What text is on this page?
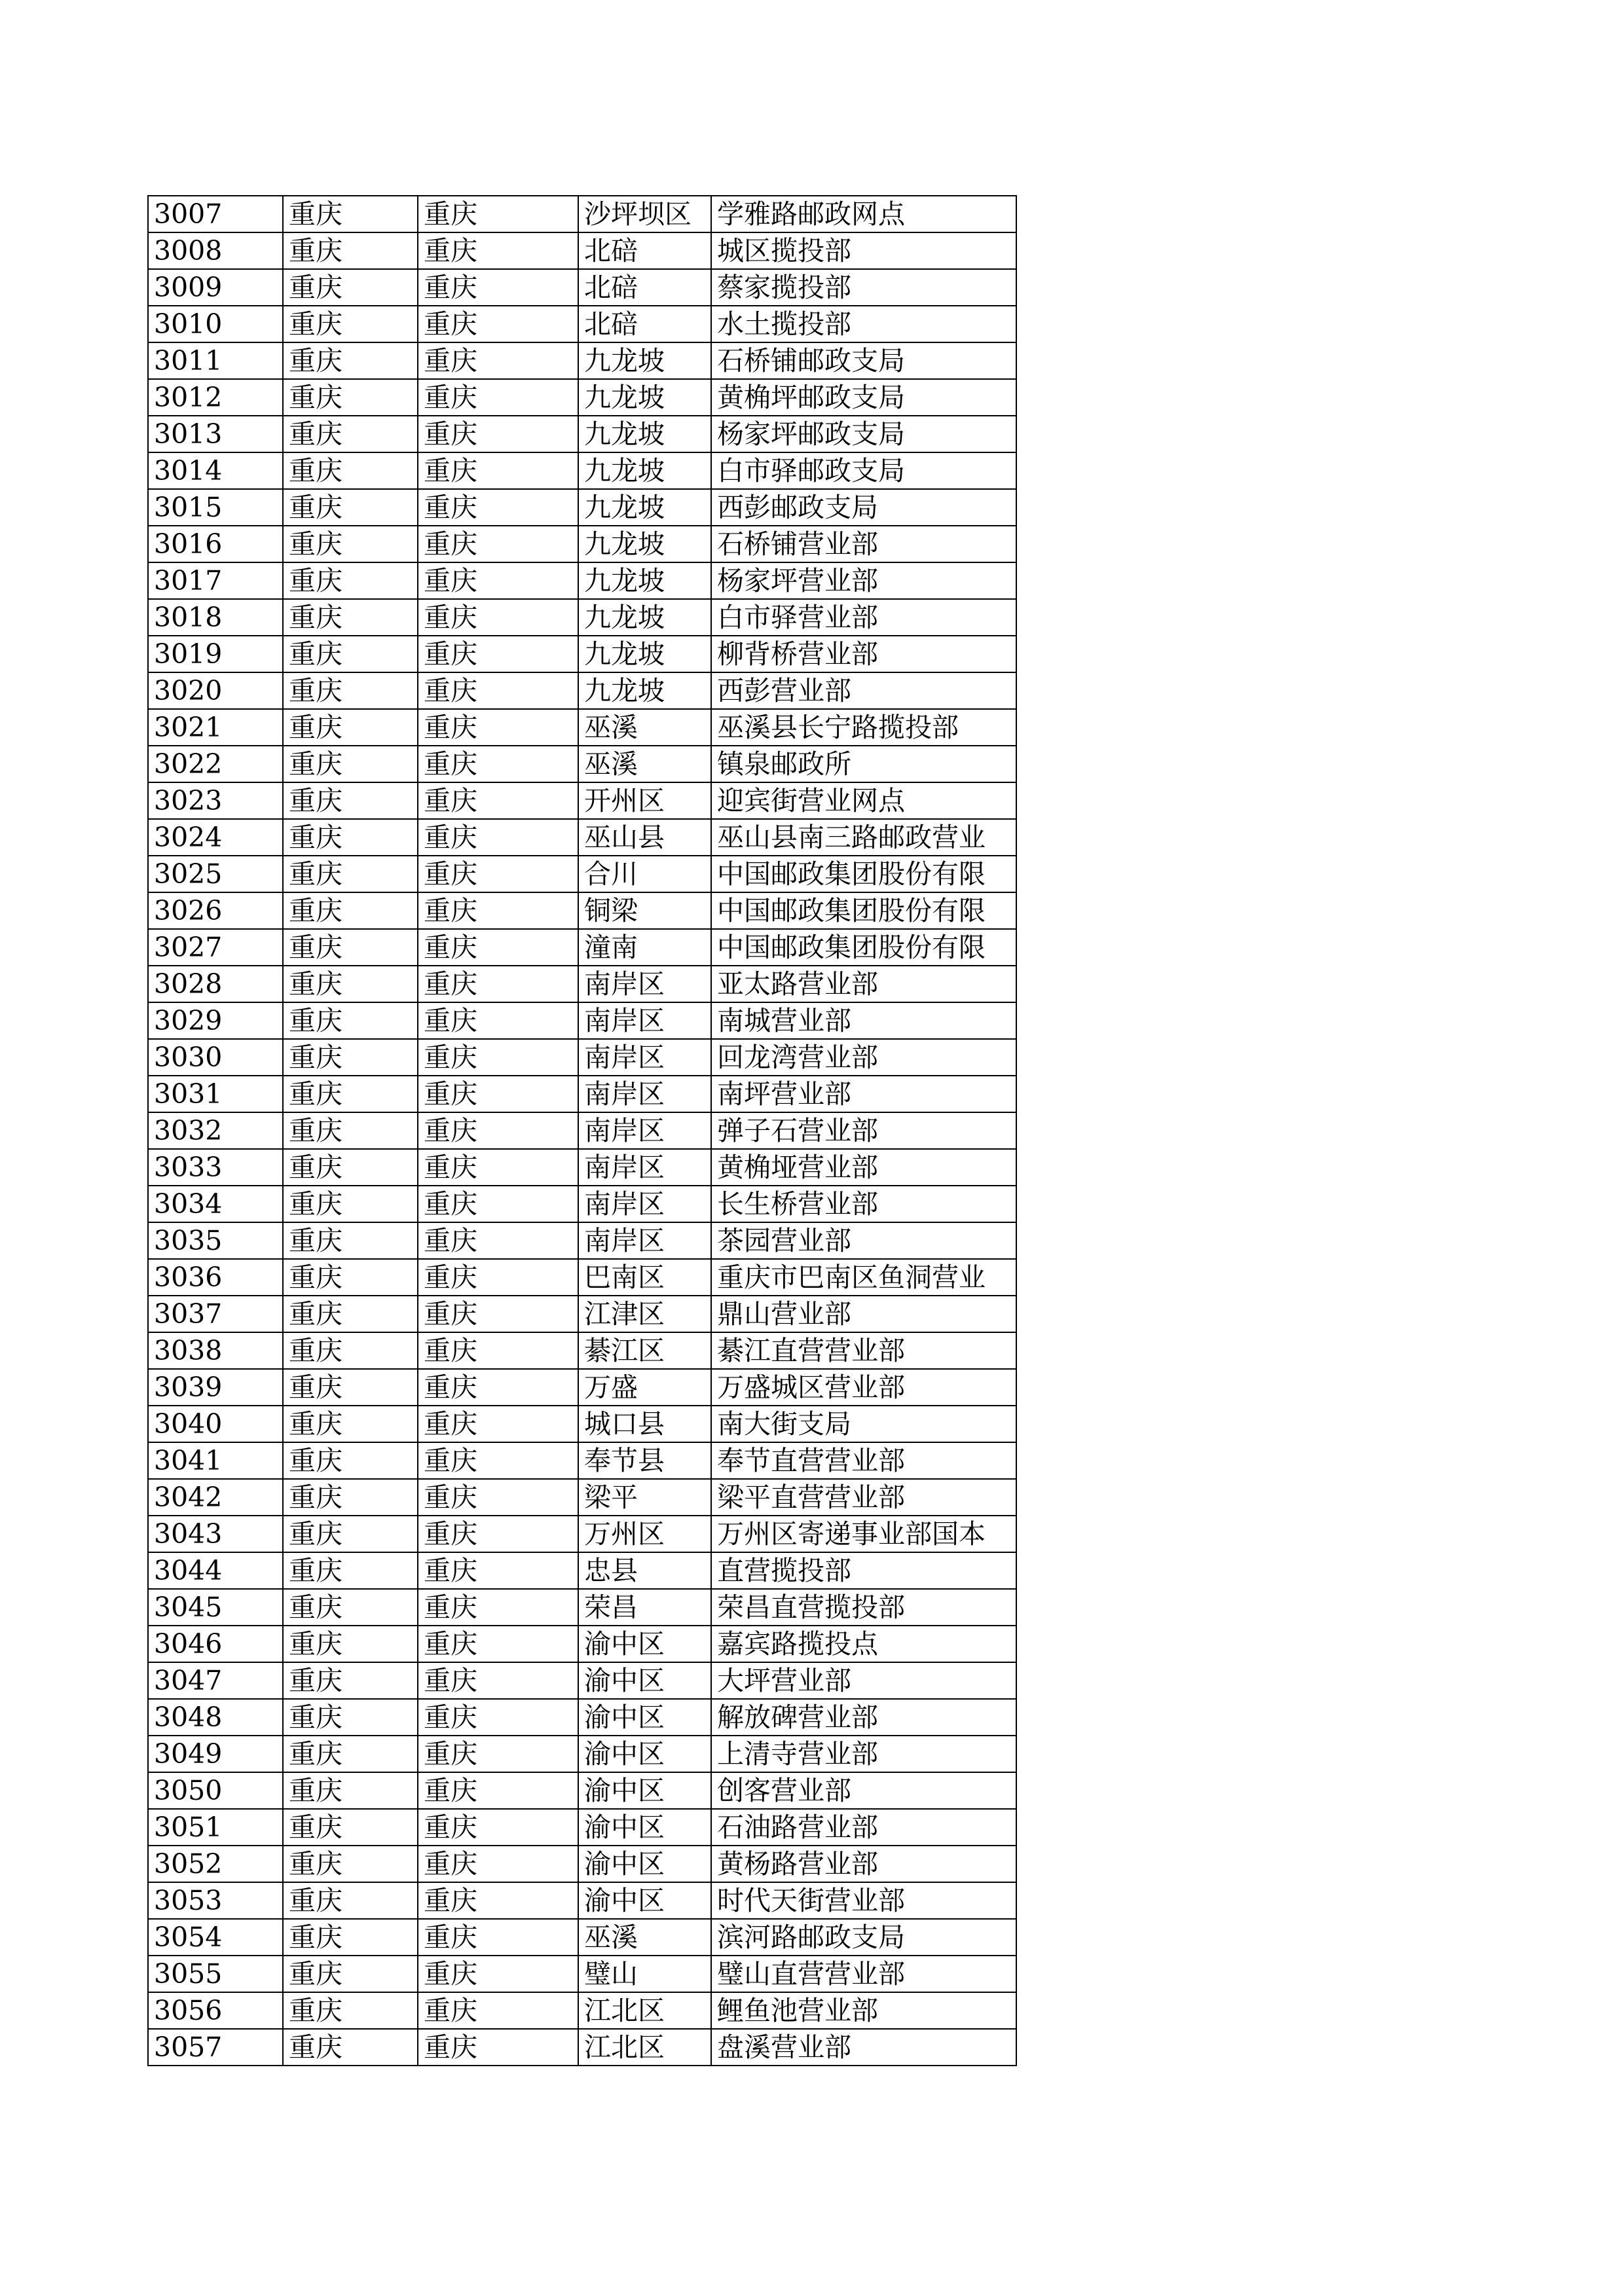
3007	重庆	重庆	沙坪坝区	学雅路邮政网点
3008	重庆	重庆	北碚	城区揽投部
3009	重庆	重庆	北碚	蔡家揽投部
3010	重庆	重庆	北碚	水土揽投部
3011	重庆	重庆	九龙坡	石桥铺邮政支局
3012	重庆	重庆	九龙坡	黄桷坪邮政支局
3013	重庆	重庆	九龙坡	杨家坪邮政支局
3014	重庆	重庆	九龙坡	白市驿邮政支局
3015	重庆	重庆	九龙坡	西彭邮政支局
3016	重庆	重庆	九龙坡	石桥铺营业部
3017	重庆	重庆	九龙坡	杨家坪营业部
3018	重庆	重庆	九龙坡	白市驿营业部
3019	重庆	重庆	九龙坡	柳背桥营业部
3020	重庆	重庆	九龙坡	西彭营业部
3021	重庆	重庆	巫溪	巫溪县长宁路揽投部
3022	重庆	重庆	巫溪	镇泉邮政所
3023	重庆	重庆	开州区	迎宾街营业网点
3024	重庆	重庆	巫山县	巫山县南三路邮政营业
3025	重庆	重庆	合川	中国邮政集团股份有限
3026	重庆	重庆	铜梁	中国邮政集团股份有限
3027	重庆	重庆	潼南	中国邮政集团股份有限
3028	重庆	重庆	南岸区	亚太路营业部
3029	重庆	重庆	南岸区	南城营业部
3030	重庆	重庆	南岸区	回龙湾营业部
3031	重庆	重庆	南岸区	南坪营业部
3032	重庆	重庆	南岸区	弹子石营业部
3033	重庆	重庆	南岸区	黄桷垭营业部
3034	重庆	重庆	南岸区	长生桥营业部
3035	重庆	重庆	南岸区	茶园营业部
3036	重庆	重庆	巴南区	重庆市巴南区鱼洞营业
3037	重庆	重庆	江津区	鼎山营业部
3038	重庆	重庆	綦江区	綦江直营营业部
3039	重庆	重庆	万盛	万盛城区营业部
3040	重庆	重庆	城口县	南大街支局
3041	重庆	重庆	奉节县	奉节直营营业部
3042	重庆	重庆	梁平	梁平直营营业部
3043	重庆	重庆	万州区	万州区寄递事业部国本
3044	重庆	重庆	忠县	直营揽投部
3045	重庆	重庆	荣昌	荣昌直营揽投部
3046	重庆	重庆	渝中区	嘉宾路揽投点
3047	重庆	重庆	渝中区	大坪营业部
3048	重庆	重庆	渝中区	解放碑营业部
3049	重庆	重庆	渝中区	上清寺营业部
3050	重庆	重庆	渝中区	创客营业部
3051	重庆	重庆	渝中区	石油路营业部
3052	重庆	重庆	渝中区	黄杨路营业部
3053	重庆	重庆	渝中区	时代天街营业部
3054	重庆	重庆	巫溪	滨河路邮政支局
3055	重庆	重庆	璧山	璧山直营营业部
3056	重庆	重庆	江北区	鲤鱼池营业部
3057	重庆	重庆	江北区	盘溪营业部
